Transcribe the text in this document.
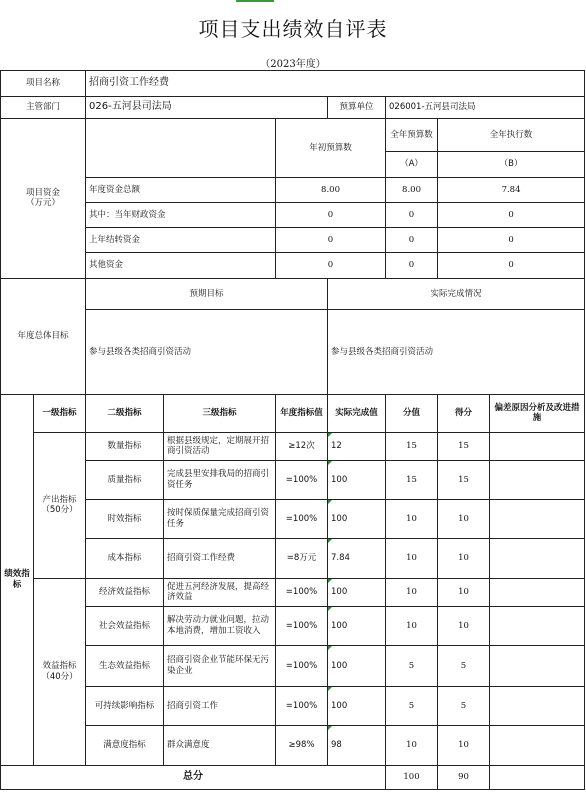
项目支出绩效自评表
（2023年度）
项目名称		招商引资工作经费							
主管部门		026-五河县司法局			预算单位	026001-五河县司法局			
项目资金
（万元）				年初预算数		全年预算数	全年执行数	
						（A）	（B）	
		年度资金总额		8.00		8.00	7.84	
		其中：当年财政资金		0		0	0	
		上年结转资金		0		0	0	
		其他资金		0		0	0	
年度总体目标		预期目标			实际完成情况				
		参与县级各类招商引资活动			参与县级各类招商引资活动				
绩效指标	一级指标	二级指标	三级指标	年度指标值	实际完成值	分值	得分	偏差原因分析及改进措施	
	产出指标（50分）	数量指标	根据县级规定，定期展开招商引资活动	≥12次	12	15	15		
		质量指标	完成县里安排我局的招商引资任务	=100%	100	15	15		
		时效指标	按时保质保量完成招商引资任务	=100%	100	10	10		
		成本指标	招商引资工作经费	=8万元	7.84	10	10		
	效益指标（40分）	经济效益指标	促进五河经济发展，提高经济效益	=100%	100	10	10		
		社会效益指标	解决劳动力就业问题，拉动本地消费，增加工资收入	=100%	100	10	10		
		生态效益指标	招商引资企业节能环保无污染企业	=100%	100	5	5		
		可持续影响指标	招商引资工作	=100%	100	5	5		
		满意度指标	群众满意度	≥98%	98	10	10		
总分						100	90		
